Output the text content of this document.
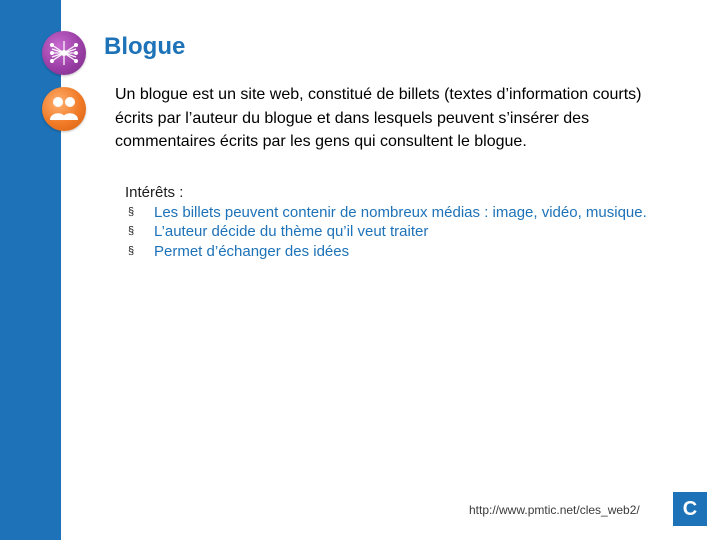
Blogue

Un blogue est un site web, constitué de billets (textes d’information courts) écrits par l’auteur du blogue et dans lesquels peuvent s’insérer des commentaires écrits par les gens qui consultent le blogue.

Intérêts :

§ Les billets peuvent contenir de nombreux médias : image, vidéo, musique.
§ L’auteur décide du thème qu’il veut traiter
§ Permet d’échanger des idées
http://www.pmtic.net/cles_web2/	C
